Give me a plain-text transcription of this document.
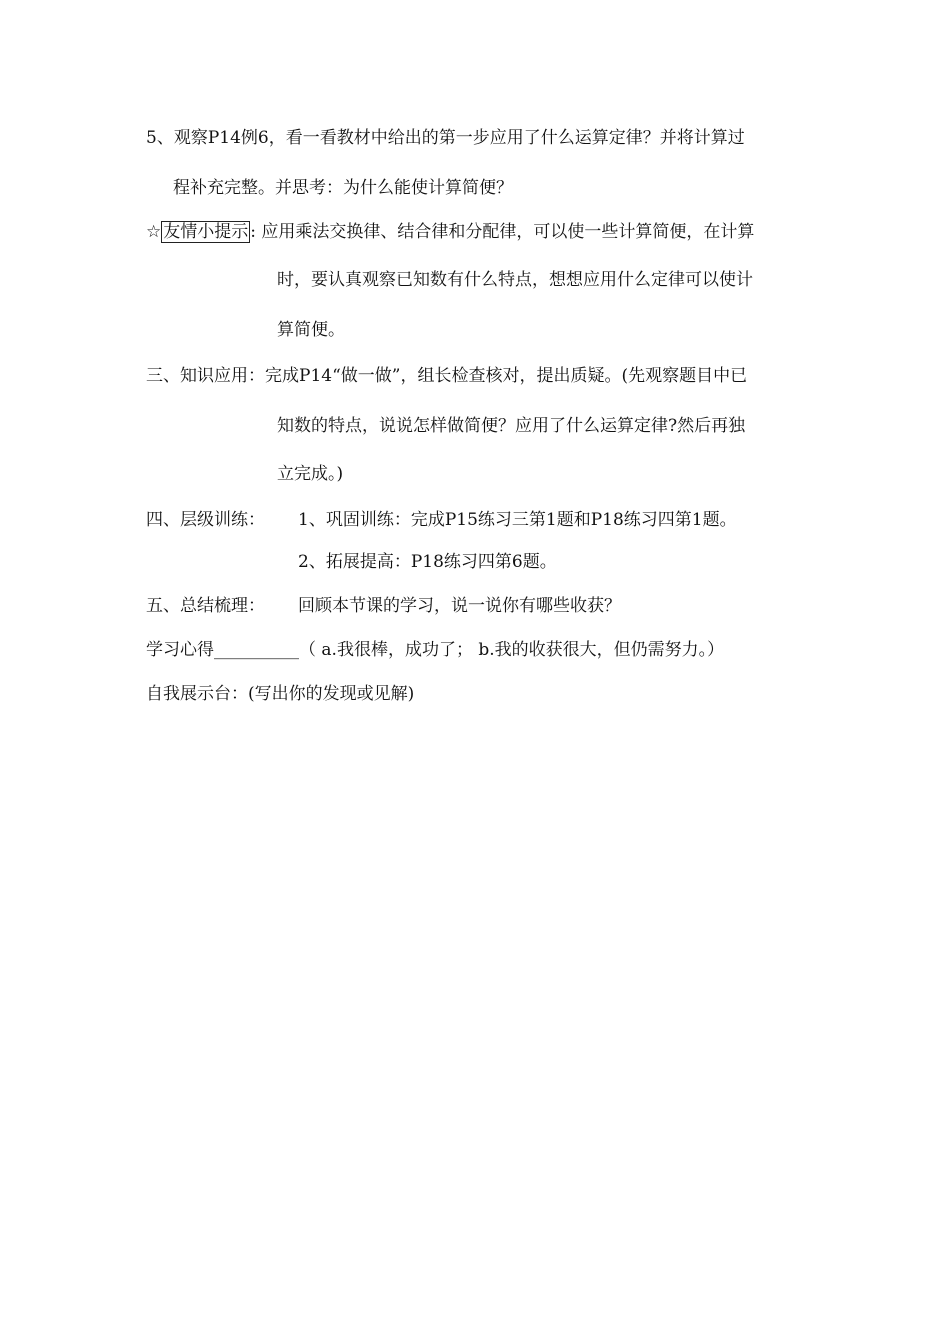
5、观察P14例6，看一看教材中给出的第一步应用了什么运算定律？并将计算过
程补充完整。并思考：为什么能使计算简便？
☆ 友情小提示 : 应用乘法交换律、结合律和分配律，可以使一些计算简便，在计算
时，要认真观察已知数有什么特点，想想应用什么定律可以使计
算简便。
三、知识应用：完成P14“做一做”，组长检查核对，提出质疑。(先观察题目中已
知数的特点，说说怎样做简便？应用了什么运算定律?然后再独
立完成。)
四、层级训练： 1、巩固训练：完成P15练习三第1题和P18练习四第1题。
2、拓展提高：P18练习四第6题。
五、总结梳理： 回顾本节课的学习，说一说你有哪些收获？
学习心得__________（ a.我很棒，成功了； b.我的收获很大，但仍需努力。）
自我展示台：(写出你的发现或见解)
